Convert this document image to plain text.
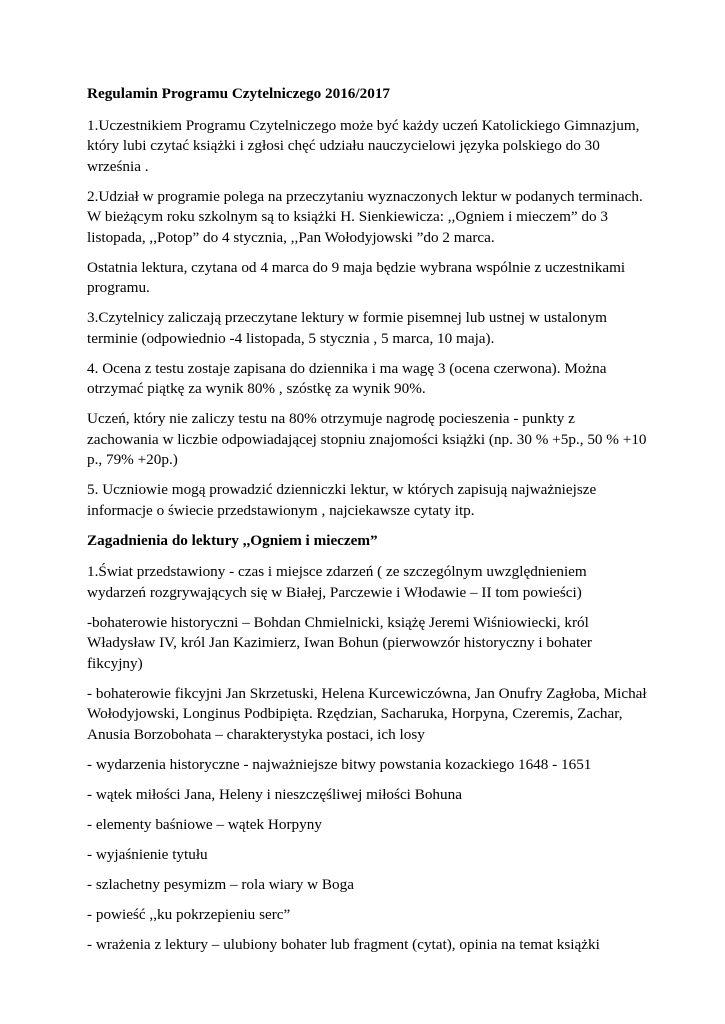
Regulamin Programu Czytelniczego 2016/2017

1.Uczestnikiem Programu Czytelniczego może być każdy uczeń Katolickiego Gimnazjum, który lubi czytać książki i zgłosi chęć udziału nauczycielowi języka polskiego do 30 września .

2.Udział w programie polega na przeczytaniu wyznaczonych lektur w podanych terminach. W bieżącym roku szkolnym są to książki H. Sienkiewicza: ,,Ogniem i mieczem” do 3 listopada, ,,Potop” do 4 stycznia, ,,Pan Wołodyjowski ”do 2 marca.

Ostatnia lektura, czytana od 4 marca do 9 maja będzie wybrana wspólnie z uczestnikami programu.

3.Czytelnicy zaliczają przeczytane lektury w formie pisemnej lub ustnej w ustalonym terminie (odpowiednio -4 listopada, 5 stycznia , 5 marca, 10 maja).

4. Ocena z testu zostaje zapisana do dziennika i ma wagę 3 (ocena czerwona). Można otrzymać piątkę za wynik 80% , szóstkę za wynik 90%.

Uczeń, który nie zaliczy testu na 80% otrzymuje nagrodę pocieszenia - punkty z zachowania w liczbie odpowiadającej stopniu znajomości książki (np. 30 % +5p., 50 % +10 p., 79% +20p.)

5. Uczniowie mogą prowadzić dzienniczki lektur, w których zapisują najważniejsze informacje o świecie przedstawionym , najciekawsze cytaty itp.

Zagadnienia do lektury ,,Ogniem i mieczem”

1.Świat przedstawiony - czas i miejsce zdarzeń ( ze szczególnym uwzględnieniem wydarzeń rozgrywających się w Białej, Parczewie i Włodawie – II tom powieści)

-bohaterowie historyczni – Bohdan Chmielnicki, książę Jeremi Wiśniowiecki, król Władysław IV, król Jan Kazimierz, Iwan Bohun (pierwowzór historyczny i bohater fikcyjny)

- bohaterowie fikcyjni Jan Skrzetuski, Helena Kurcewiczówna, Jan Onufry Zagłoba, Michał Wołodyjowski, Longinus Podbipięta. Rzędzian, Sacharuka, Horpyna, Czeremis, Zachar, Anusia Borzobohata – charakterystyka postaci, ich losy

- wydarzenia historyczne - najważniejsze bitwy powstania kozackiego 1648 - 1651

- wątek miłości Jana, Heleny i nieszczęśliwej miłości Bohuna

- elementy baśniowe – wątek Horpyny

- wyjaśnienie tytułu

- szlachetny pesymizm – rola wiary w Boga

- powieść ,,ku pokrzepieniu serc”

- wrażenia z lektury – ulubiony bohater lub fragment (cytat), opinia na temat książki
